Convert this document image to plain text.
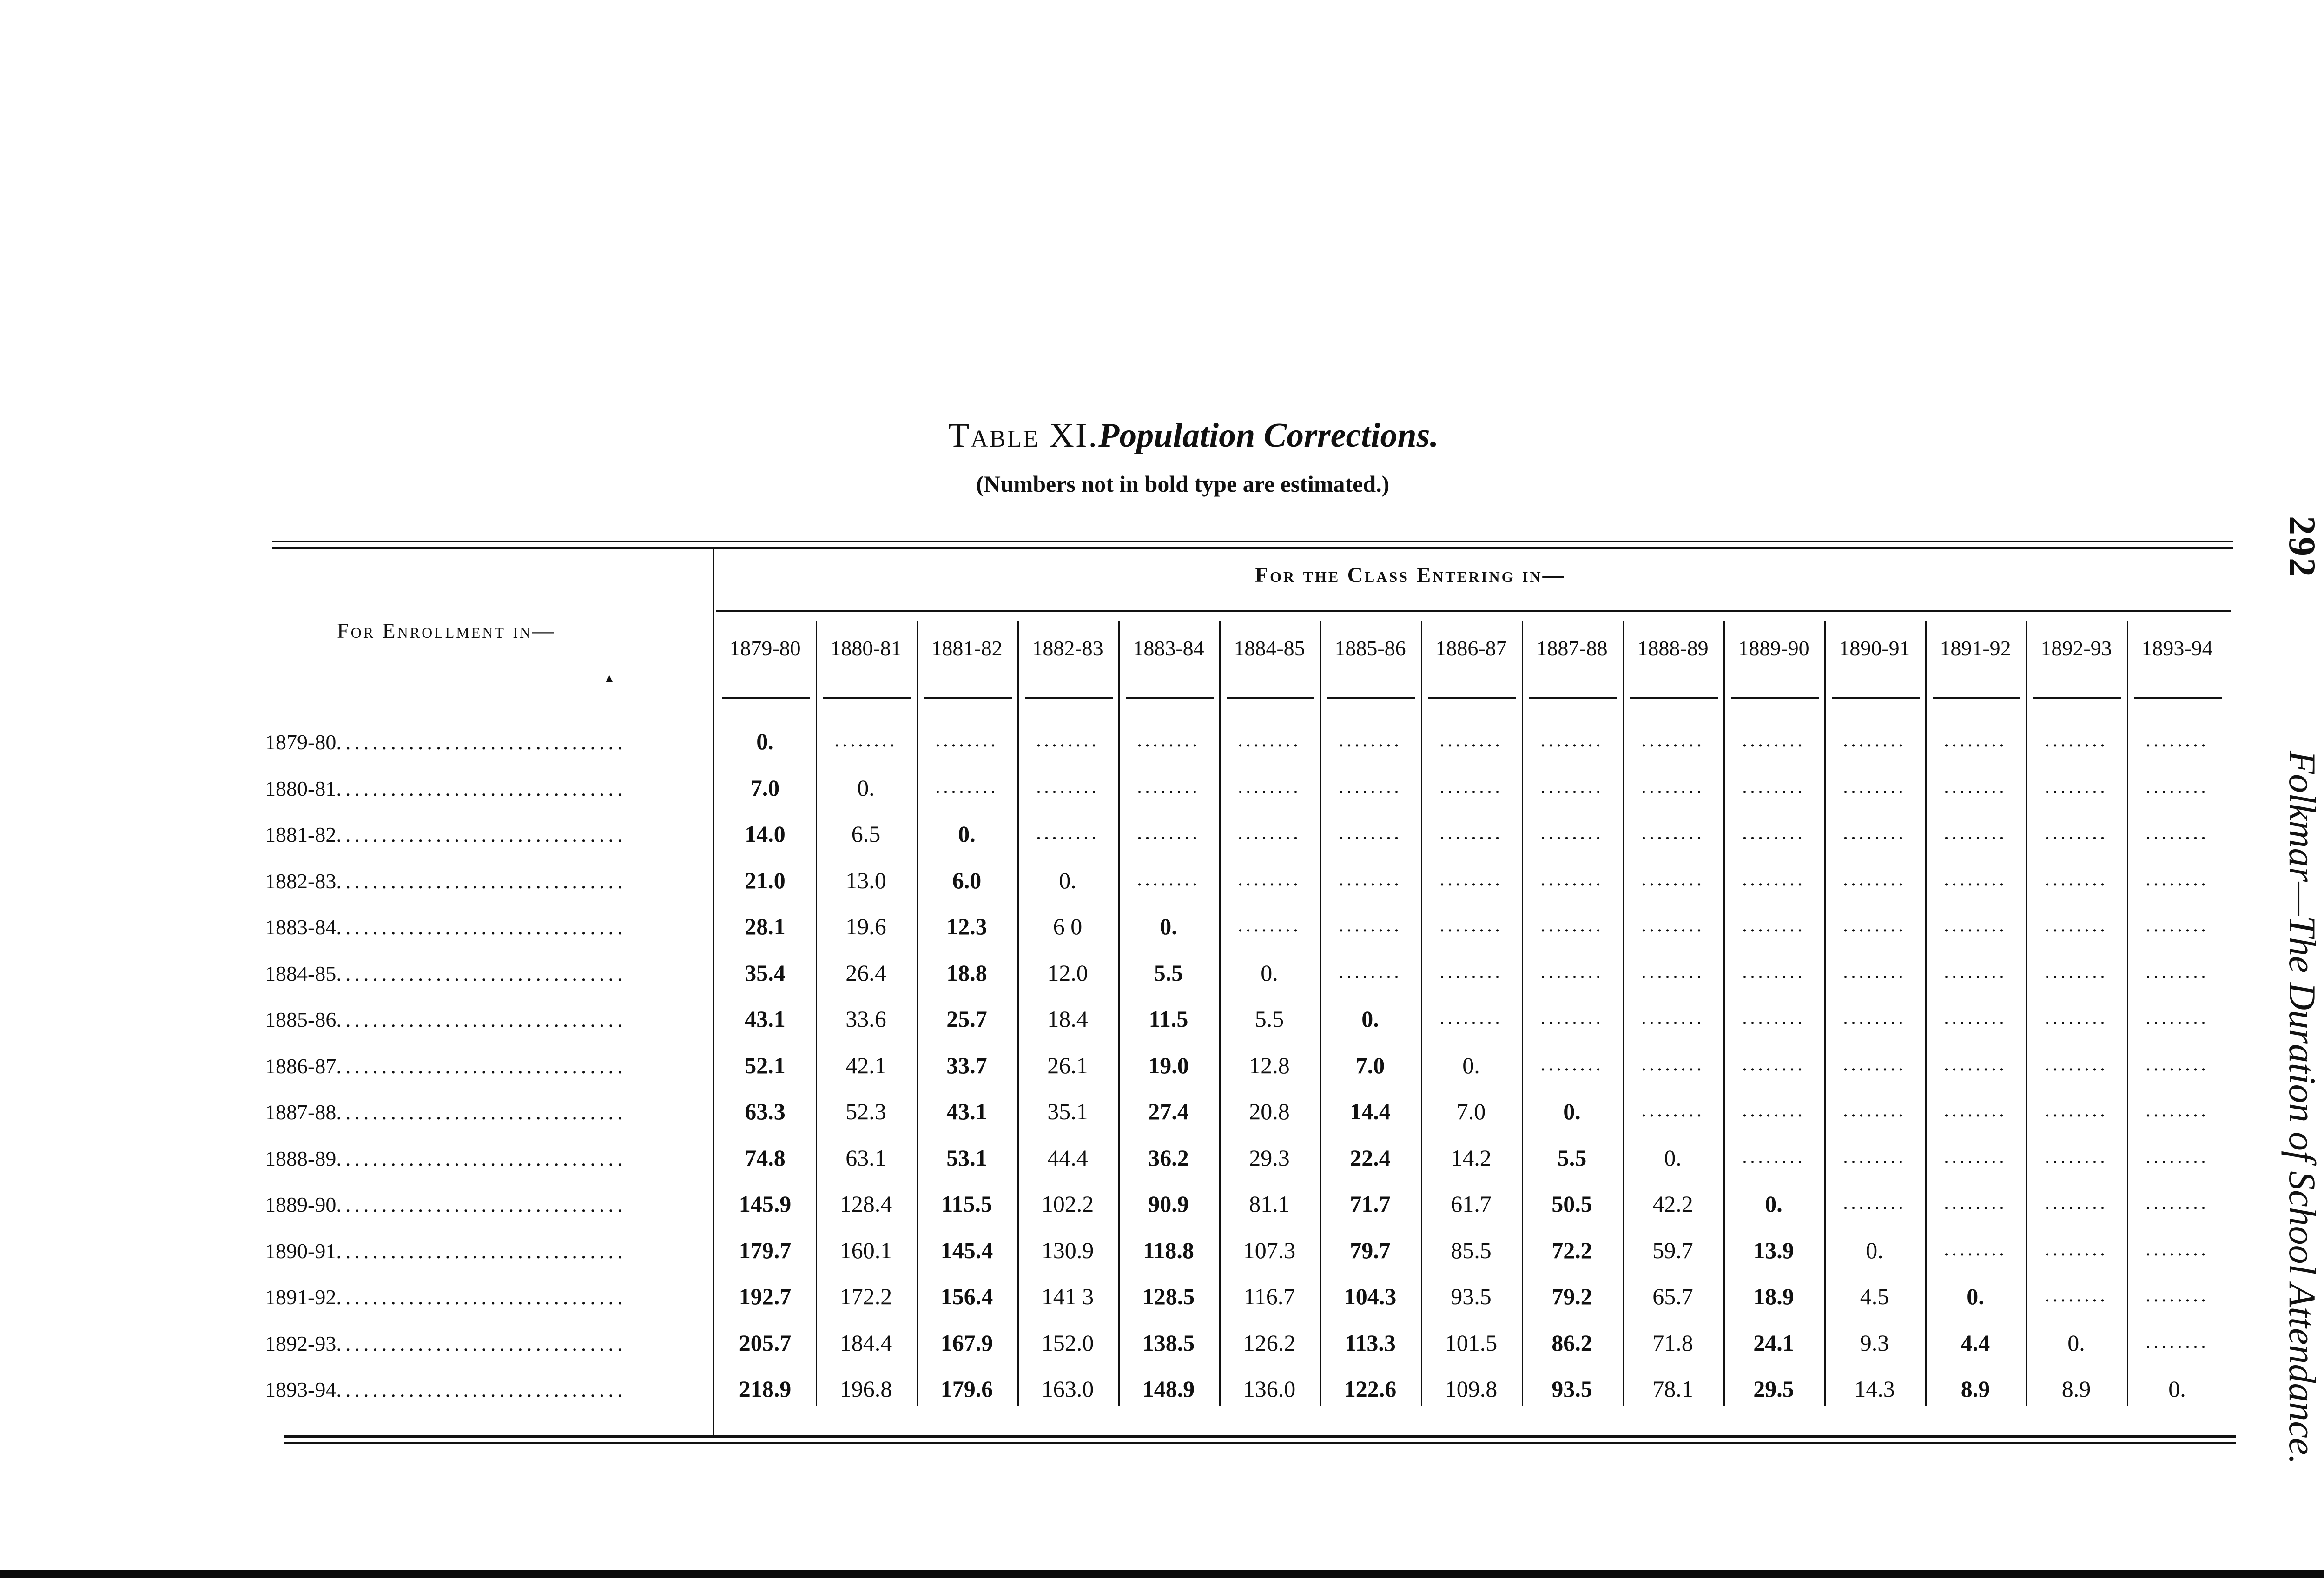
Table XI.Population Corrections.
(Numbers not in bold type are estimated.)
For Enrollment in—
▲
For the Class Entering in—
1879-80	1880-81	1881-82	1882-83	1883-84	1884-85	1885-86	1886-87	1887-88	1888-89	1889-90	1890-91	1891-92	1892-93	1893-94
1879-80................................	0.	........	........	........	........	........	........	........	........	........	........	........	........	........	........
1880-81................................	7.0	0.	........	........	........	........	........	........	........	........	........	........	........	........	........
1881-82................................	14.0	6.5	0.	........	........	........	........	........	........	........	........	........	........	........	........
1882-83................................	21.0	13.0	6.0	0.	........	........	........	........	........	........	........	........	........	........	........
1883-84................................	28.1	19.6	12.3	6 0	0.	........	........	........	........	........	........	........	........	........	........
1884-85................................	35.4	26.4	18.8	12.0	5.5	0.	........	........	........	........	........	........	........	........	........
1885-86................................	43.1	33.6	25.7	18.4	11.5	5.5	0.	........	........	........	........	........	........	........	........
1886-87................................	52.1	42.1	33.7	26.1	19.0	12.8	7.0	0.	........	........	........	........	........	........	........
1887-88................................	63.3	52.3	43.1	35.1	27.4	20.8	14.4	7.0	0.	........	........	........	........	........	........
1888-89................................	74.8	63.1	53.1	44.4	36.2	29.3	22.4	14.2	5.5	0.	........	........	........	........	........
1889-90................................	145.9	128.4	115.5	102.2	90.9	81.1	71.7	61.7	50.5	42.2	0.	........	........	........	........
1890-91................................	179.7	160.1	145.4	130.9	118.8	107.3	79.7	85.5	72.2	59.7	13.9	0.	........	........	........
1891-92................................	192.7	172.2	156.4	141 3	128.5	116.7	104.3	93.5	79.2	65.7	18.9	4.5	0.	........	........
1892-93................................	205.7	184.4	167.9	152.0	138.5	126.2	113.3	101.5	86.2	71.8	24.1	9.3	4.4	0.	........
1893-94................................	218.9	196.8	179.6	163.0	148.9	136.0	122.6	109.8	93.5	78.1	29.5	14.3	8.9	8.9	0.
292Folkmar—The Duration of School Attendance.
